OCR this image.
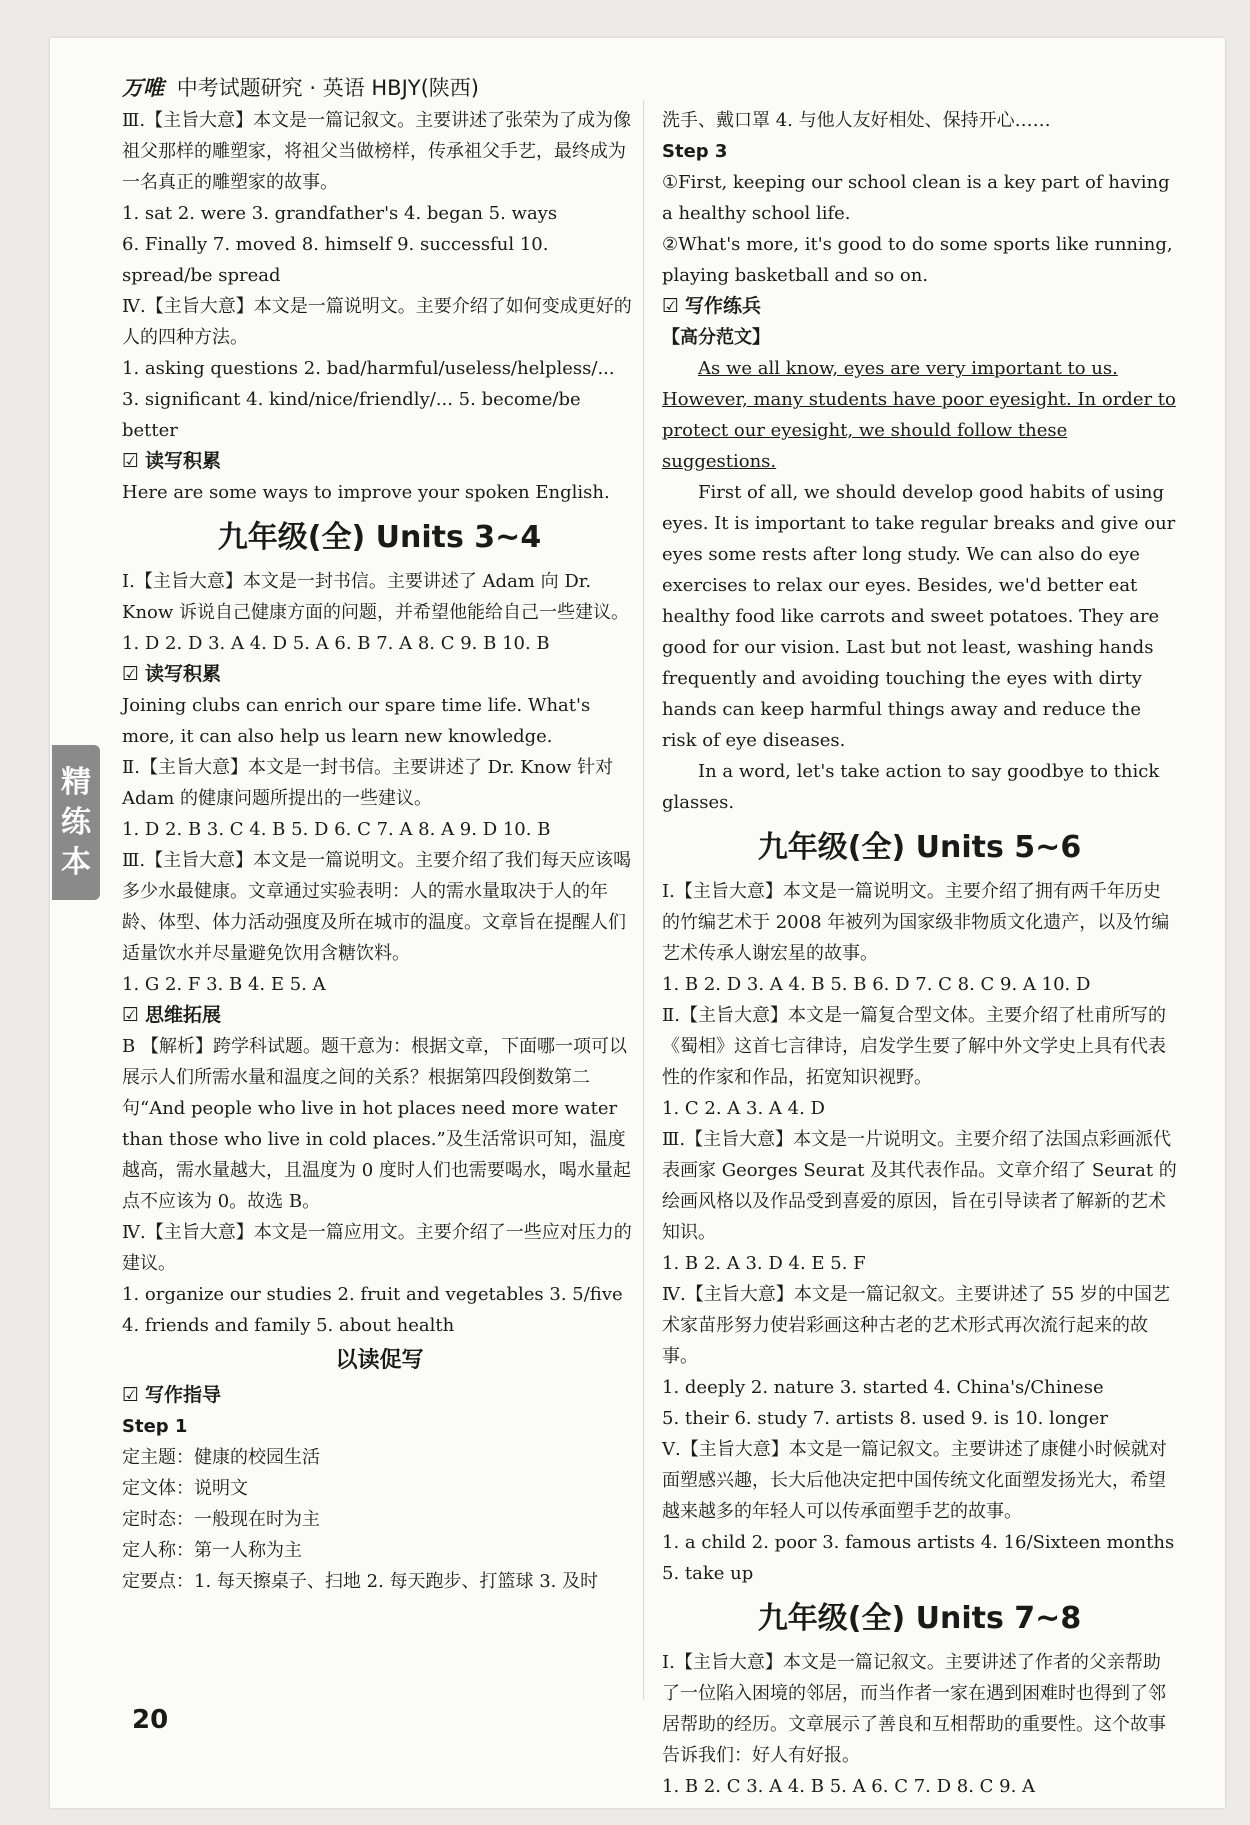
万唯 中考试题研究 · 英语 HBJY(陕西)

Ⅲ.【主旨大意】本文是一篇记叙文。主要讲述了张荣为了成为像祖父那样的雕塑家，将祖父当做榜样，传承祖父手艺，最终成为一名真正的雕塑家的故事。

1. sat 2. were 3. grandfather's 4. began 5. ways

6. Finally 7. moved 8. himself 9. successful 10. spread/be spread

Ⅳ.【主旨大意】本文是一篇说明文。主要介绍了如何变成更好的人的四种方法。

1. asking questions 2. bad/harmful/useless/helpless/...

3. significant 4. kind/nice/friendly/... 5. become/be better

☑ 读写积累

Here are some ways to improve your spoken English.

九年级(全) Units 3~4

Ⅰ.【主旨大意】本文是一封书信。主要讲述了 Adam 向 Dr. Know 诉说自己健康方面的问题，并希望他能给自己一些建议。

1. D 2. D 3. A 4. D 5. A 6. B 7. A 8. C 9. B 10. B

☑ 读写积累

Joining clubs can enrich our spare time life. What's more, it can also help us learn new knowledge.

Ⅱ.【主旨大意】本文是一封书信。主要讲述了 Dr. Know 针对 Adam 的健康问题所提出的一些建议。

1. D 2. B 3. C 4. B 5. D 6. C 7. A 8. A 9. D 10. B

Ⅲ.【主旨大意】本文是一篇说明文。主要介绍了我们每天应该喝多少水最健康。文章通过实验表明：人的需水量取决于人的年龄、体型、体力活动强度及所在城市的温度。文章旨在提醒人们适量饮水并尽量避免饮用含糖饮料。

1. G 2. F 3. B 4. E 5. A

☑ 思维拓展

B 【解析】跨学科试题。题干意为：根据文章，下面哪一项可以展示人们所需水量和温度之间的关系？根据第四段倒数第二句“And people who live in hot places need more water than those who live in cold places.”及生活常识可知，温度越高，需水量越大，且温度为 0 度时人们也需要喝水，喝水量起点不应该为 0。故选 B。

Ⅳ.【主旨大意】本文是一篇应用文。主要介绍了一些应对压力的建议。

1. organize our studies 2. fruit and vegetables 3. 5/five

4. friends and family 5. about health

以读促写

☑ 写作指导

Step 1

定主题：健康的校园生活

定文体：说明文

定时态：一般现在时为主

定人称：第一人称为主

定要点：1. 每天擦桌子、扫地 2. 每天跑步、打篮球 3. 及时

洗手、戴口罩 4. 与他人友好相处、保持开心……

Step 3

①First, keeping our school clean is a key part of having a healthy school life.

②What's more, it's good to do some sports like running, playing basketball and so on.

☑ 写作练兵

【高分范文】

As we all know, eyes are very important to us. However, many students have poor eyesight. In order to protect our eyesight, we should follow these suggestions.

First of all, we should develop good habits of using eyes. It is important to take regular breaks and give our eyes some rests after long study. We can also do eye exercises to relax our eyes. Besides, we'd better eat healthy food like carrots and sweet potatoes. They are good for our vision. Last but not least, washing hands frequently and avoiding touching the eyes with dirty hands can keep harmful things away and reduce the risk of eye diseases.

In a word, let's take action to say goodbye to thick glasses.

九年级(全) Units 5~6

Ⅰ.【主旨大意】本文是一篇说明文。主要介绍了拥有两千年历史的竹编艺术于 2008 年被列为国家级非物质文化遗产，以及竹编艺术传承人谢宏星的故事。

1. B 2. D 3. A 4. B 5. B 6. D 7. C 8. C 9. A 10. D

Ⅱ.【主旨大意】本文是一篇复合型文体。主要介绍了杜甫所写的《蜀相》这首七言律诗，启发学生要了解中外文学史上具有代表性的作家和作品，拓宽知识视野。

1. C 2. A 3. A 4. D

Ⅲ.【主旨大意】本文是一片说明文。主要介绍了法国点彩画派代表画家 Georges Seurat 及其代表作品。文章介绍了 Seurat 的绘画风格以及作品受到喜爱的原因，旨在引导读者了解新的艺术知识。

1. B 2. A 3. D 4. E 5. F

Ⅳ.【主旨大意】本文是一篇记叙文。主要讲述了 55 岁的中国艺术家苗彤努力使岩彩画这种古老的艺术形式再次流行起来的故事。

1. deeply 2. nature 3. started 4. China's/Chinese

5. their 6. study 7. artists 8. used 9. is 10. longer

Ⅴ.【主旨大意】本文是一篇记叙文。主要讲述了康健小时候就对面塑感兴趣，长大后他决定把中国传统文化面塑发扬光大，希望越来越多的年轻人可以传承面塑手艺的故事。

1. a child 2. poor 3. famous artists 4. 16/Sixteen months

5. take up

九年级(全) Units 7~8

Ⅰ.【主旨大意】本文是一篇记叙文。主要讲述了作者的父亲帮助了一位陷入困境的邻居，而当作者一家在遇到困难时也得到了邻居帮助的经历。文章展示了善良和互相帮助的重要性。这个故事告诉我们：好人有好报。

1. B 2. C 3. A 4. B 5. A 6. C 7. D 8. C 9. A

精
练
本
20
